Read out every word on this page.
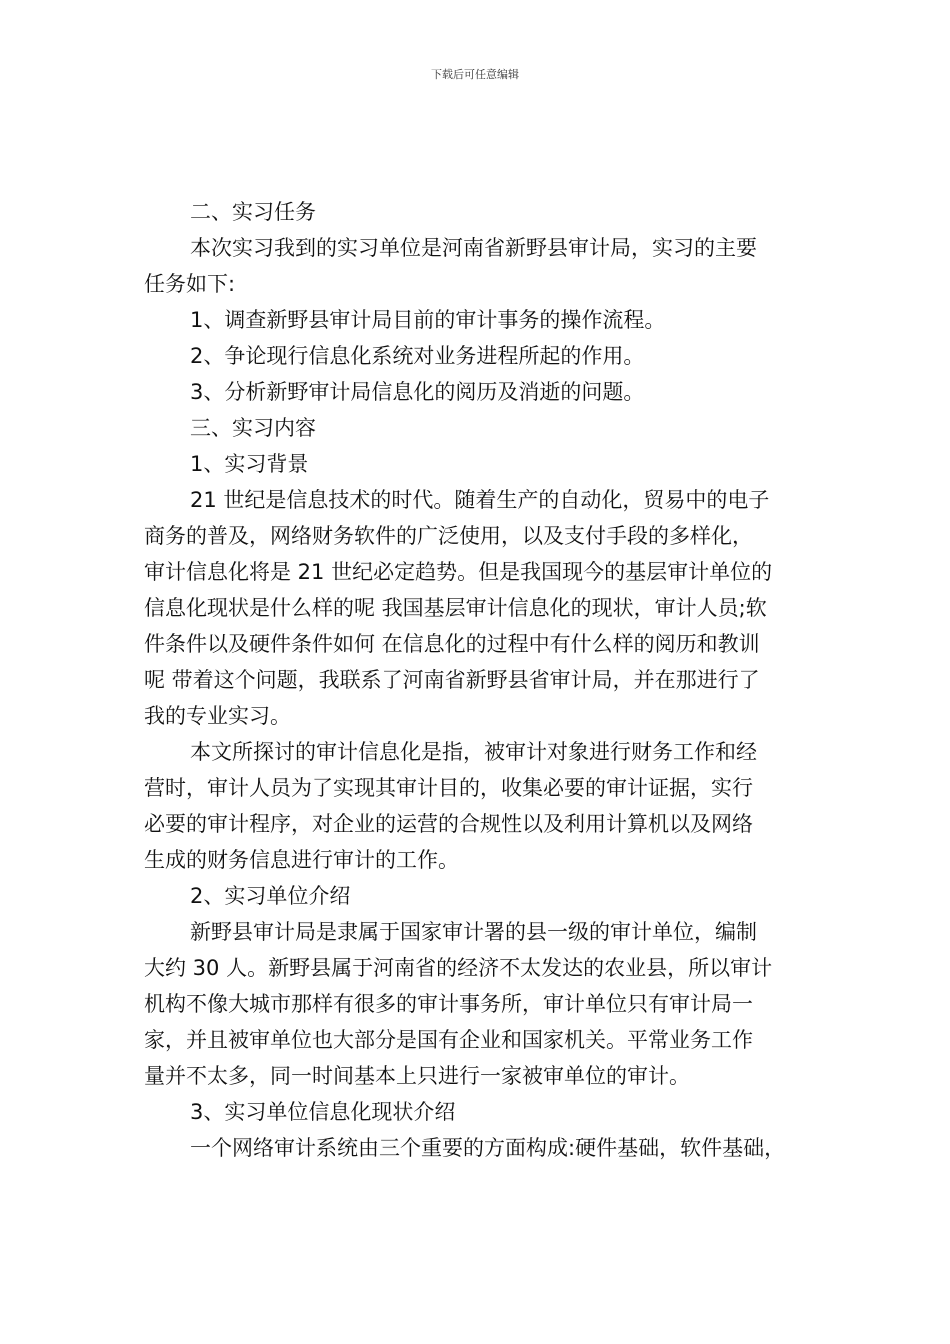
下载后可任意编辑
二、实习任务
本次实习我到的实习单位是河南省新野县审计局，实习的主要
任务如下:
1、调查新野县审计局目前的审计事务的操作流程。
2、争论现行信息化系统对业务进程所起的作用。
3、分析新野审计局信息化的阅历及消逝的问题。
三、实习内容
1、实习背景
21 世纪是信息技术的时代。随着生产的自动化，贸易中的电子
商务的普及，网络财务软件的广泛使用，以及支付手段的多样化，
审计信息化将是 21 世纪必定趋势。但是我国现今的基层审计单位的
信息化现状是什么样的呢 我国基层审计信息化的现状，审计人员;软
件条件以及硬件条件如何 在信息化的过程中有什么样的阅历和教训
呢 带着这个问题，我联系了河南省新野县省审计局，并在那进行了
我的专业实习。
本文所探讨的审计信息化是指，被审计对象进行财务工作和经
营时，审计人员为了实现其审计目的，收集必要的审计证据，实行
必要的审计程序，对企业的运营的合规性以及利用计算机以及网络
生成的财务信息进行审计的工作。
2、实习单位介绍
新野县审计局是隶属于国家审计署的县一级的审计单位，编制
大约 30 人。新野县属于河南省的经济不太发达的农业县，所以审计
机构不像大城市那样有很多的审计事务所，审计单位只有审计局一
家，并且被审单位也大部分是国有企业和国家机关。平常业务工作
量并不太多，同一时间基本上只进行一家被审单位的审计。
3、实习单位信息化现状介绍
一个网络审计系统由三个重要的方面构成:硬件基础，软件基础，
